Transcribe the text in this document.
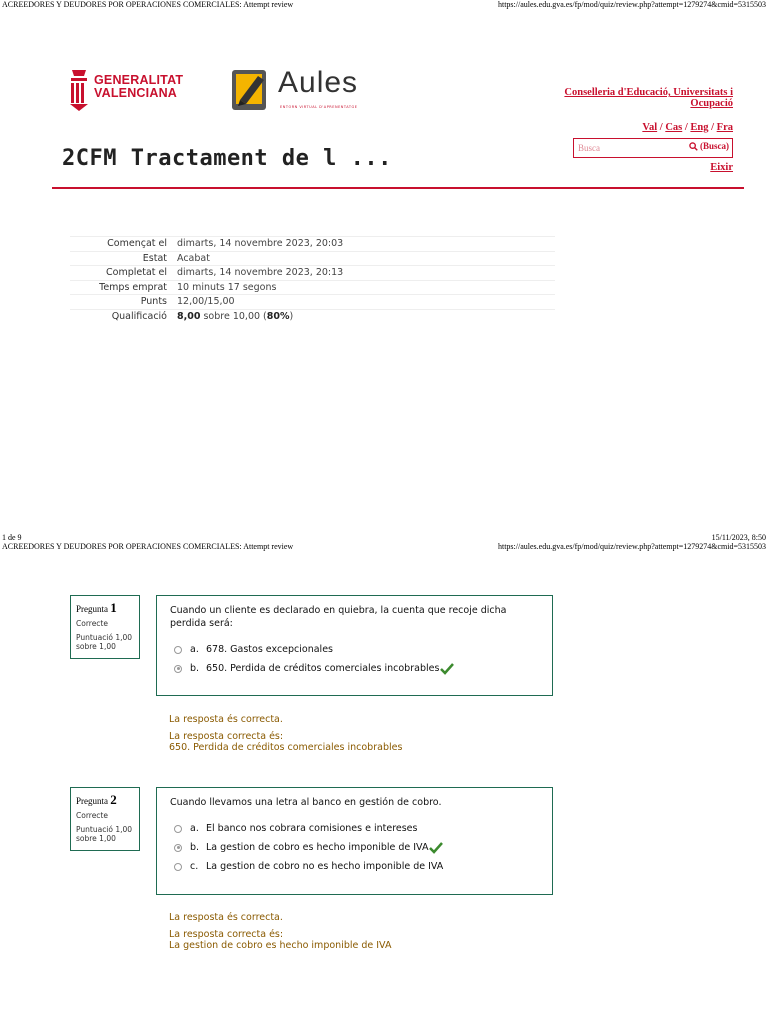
ACREEDORES Y DEUDORES POR OPERACIONES COMERCIALES: Attempt review	https://aules.edu.gva.es/fp/mod/quiz/review.php?attempt=1279274&cmid=5315503
GENERALITAT
VALENCIANA	Aules
ENTORN VIRTUAL D'APRENENTATGE
Conselleria d'Educació, Universitats i
Ocupació
Val / Cas / Eng / Fra
Busca
(Busca)
Eixir
2CFM Tractament de l ...
Començat el	dimarts, 14 novembre 2023, 20:03
Estat	Acabat
Completat el	dimarts, 14 novembre 2023, 20:13
Temps emprat	10 minuts 17 segons
Punts	12,00/15,00
Qualificació	8,00 sobre 10,00 (80%)
1 de 9	15/11/2023, 8:50
ACREEDORES Y DEUDORES POR OPERACIONES COMERCIALES: Attempt review	https://aules.edu.gva.es/fp/mod/quiz/review.php?attempt=1279274&cmid=5315503
Pregunta 1
Correcte
Puntuació 1,00
sobre 1,00
Cuando un cliente es declarado en quiebra, la cuenta que recoje dicha perdida será:
a. 678. Gastos excepcionales
b. 650. Perdida de créditos comerciales incobrables
La resposta és correcta.
La resposta correcta és:
650. Perdida de créditos comerciales incobrables
Pregunta 2
Correcte
Puntuació 1,00
sobre 1,00
Cuando llevamos una letra al banco en gestión de cobro.
a. El banco nos cobrara comisiones e intereses
b. La gestion de cobro es hecho imponible de IVA
c. La gestion de cobro no es hecho imponible de IVA
La resposta és correcta.
La resposta correcta és:
La gestion de cobro es hecho imponible de IVA
